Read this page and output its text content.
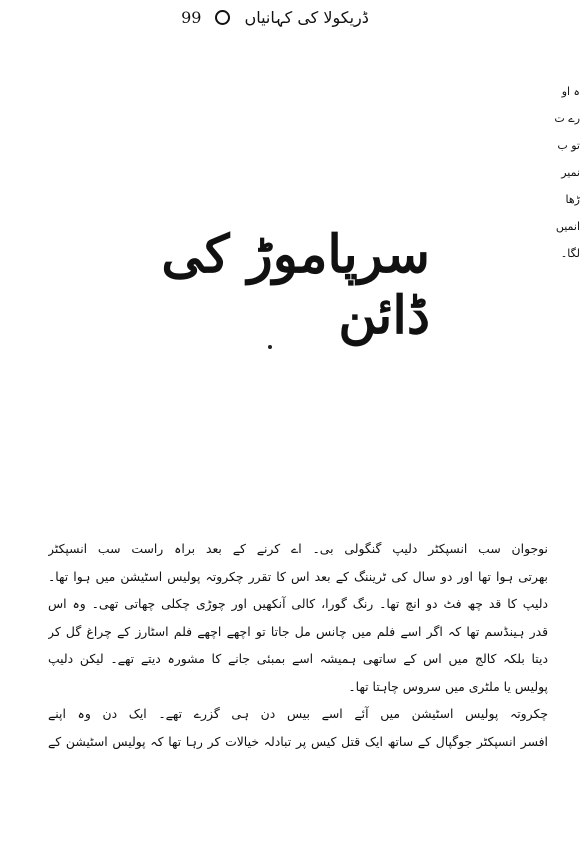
99	ڈریکولا کی کہانیاں
ہ او
رے ت
تو ب
نمیر
ڑھا
انمیں
لگا۔
سرپاموڑ کی ڈائن
نوجوان سب انسپکٹر دلیپ گنگولی بی۔ اے کرنے کے بعد براہ راست سب انسپکٹر
بھرتی ہوا تھا اور دو سال کی ٹریننگ کے بعد اس کا تقرر چکروتہ پولیس اسٹیشن میں ہوا تھا۔
دلیپ کا قد چھ فٹ دو انچ تھا۔ رنگ گورا، کالی آنکھیں اور چوڑی چکلی چھاتی تھی۔ وہ اس
قدر ہینڈسم تھا کہ اگر اسے فلم میں چانس مل جاتا تو اچھے اچھے فلم اسٹارز کے چراغ گل کر
دیتا بلکہ کالج میں اس کے ساتھی ہمیشہ اسے بمبئی جانے کا مشورہ دیتے تھے۔ لیکن دلیپ
پولیس یا ملٹری میں سروس چاہتا تھا۔
چکروتہ پولیس اسٹیشن میں آئے اسے بیس دن ہی گزرے تھے۔ ایک دن وہ اپنے
افسر انسپکٹر جوگپال کے ساتھ ایک قتل کیس پر تبادلہ خیالات کر رہا تھا کہ پولیس اسٹیشن کے
